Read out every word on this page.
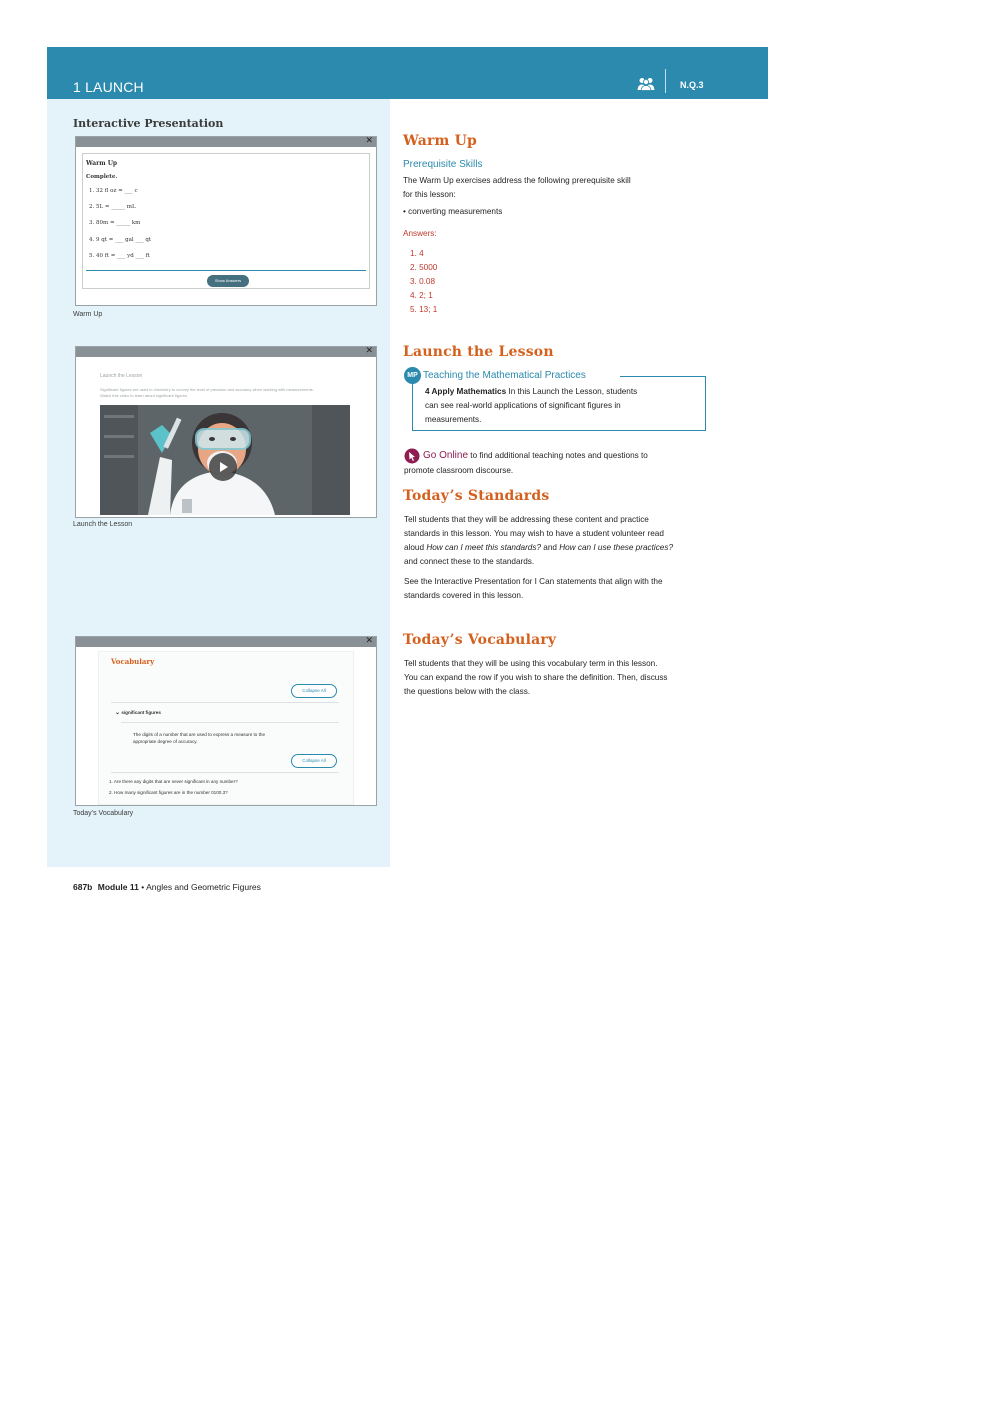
1 LAUNCH	N.Q.3
Interactive Presentation
✕
Warm Up
Complete.
1. 32 fl oz = ___ c
2. 5L = _____ mL
3. 80m = _____ km
4. 9 qt = ___ gal ___ qt
5. 40 ft = ___ yd ___ ft
Show Answers
Warm Up
✕
Launch the Lesson
Significant figures are used in chemistry to convey the level of precision and accuracy when working with measurements.
Watch this video to learn about significant figures.
Launch the Lesson
✕
Vocabulary
Collapse All
⌄ significant figures
The digits of a number that are used to express a measure to the
appropriate degree of accuracy.
Collapse All
1. Are there any digits that are never significant in any number?
2. How many significant figures are in the number 0100.3?
Today’s Vocabulary
Warm Up
Prerequisite Skills
The Warm Up exercises address the following prerequisite skill
for this lesson:
• converting measurements
Answers:
1. 4
2. 5000
3. 0.08
4. 2; 1
5. 13; 1
Launch the Lesson
MP Teaching the Mathematical Practices
4 Apply Mathematics In this Launch the Lesson, students
can see real-world applications of significant figures in
measurements.
Go Online to find additional teaching notes and questions to
promote classroom discourse.
Today’s Standards
Tell students that they will be addressing these content and practice
standards in this lesson. You may wish to have a student volunteer read
aloud How can I meet this standards? and How can I use these practices?
and connect these to the standards.
See the Interactive Presentation for I Can statements that align with the
standards covered in this lesson.
Today’s Vocabulary
Tell students that they will be using this vocabulary term in this lesson.
You can expand the row if you wish to share the definition. Then, discuss
the questions below with the class.
687b Module 11 • Angles and Geometric Figures
